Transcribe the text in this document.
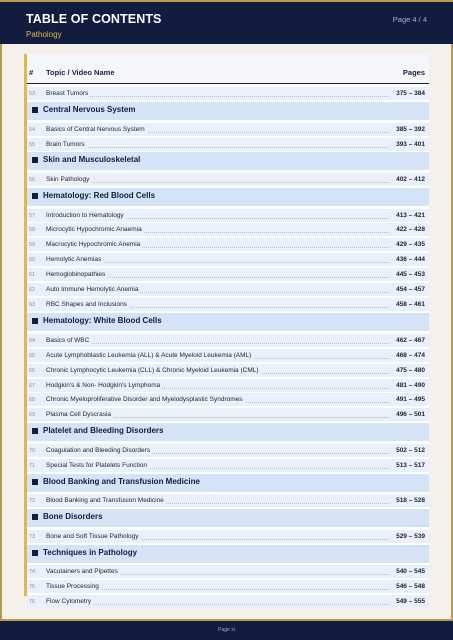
TABLE OF CONTENTS
Pathology
Page 4 / 4
# Topic / Video Name	Pages
53 Breast Tumors	375 – 384
Central Nervous System
54 Basics of Central Nervous System	385 – 392
55 Brain Tumors	393 – 401
Skin and Musculoskeletal
56 Skin Pathology	402 – 412
Hematology: Red Blood Cells
57 Introduction to Hematology	413 – 421
58 Microcytic Hypochromic Anaemia	422 – 428
59 Macrocytic Hypochromic Anemia	429 – 435
60 Hemolytic Anemias	436 – 444
61 Hemoglobinopathies	445 – 453
62 Auto Immune Hemolytic Anemia	454 – 457
63 RBC Shapes and Inclusions	458 – 461
Hematology: White Blood Cells
64 Basics of WBC	462 – 467
65 Acute Lymphoblastic Leukemia (ALL) & Acute Myeloid Leukemia (AML)	468 – 474
66 Chronic Lymphocytic Leukemia (CLL) & Chronic Myeloid Leukemia (CML)	475 – 480
67 Hodgkin's & Non- Hodgkin's Lymphoma	481 – 490
68 Chronic Myeloproliferative Disorder and Myelodysplastic Syndromes	491 – 495
69 Plasma Cell Dyscrasia	496 – 501
Platelet and Bleeding Disorders
70 Coagulation and Bleeding Disorders	502 – 512
71 Special Tests for Platelets Function	513 – 517
Blood Banking and Transfusion Medicine
72 Blood Banking and Transfusion Medicine	518 – 528
Bone Disorders
73 Bone and Soft Tissue Pathology	529 – 539
Techniques in Pathology
74 Vacutainers and Pipettes	540 – 545
75 Tissue Processing	546 – 548
76 Flow Cytometry	549 – 555
Page xi
